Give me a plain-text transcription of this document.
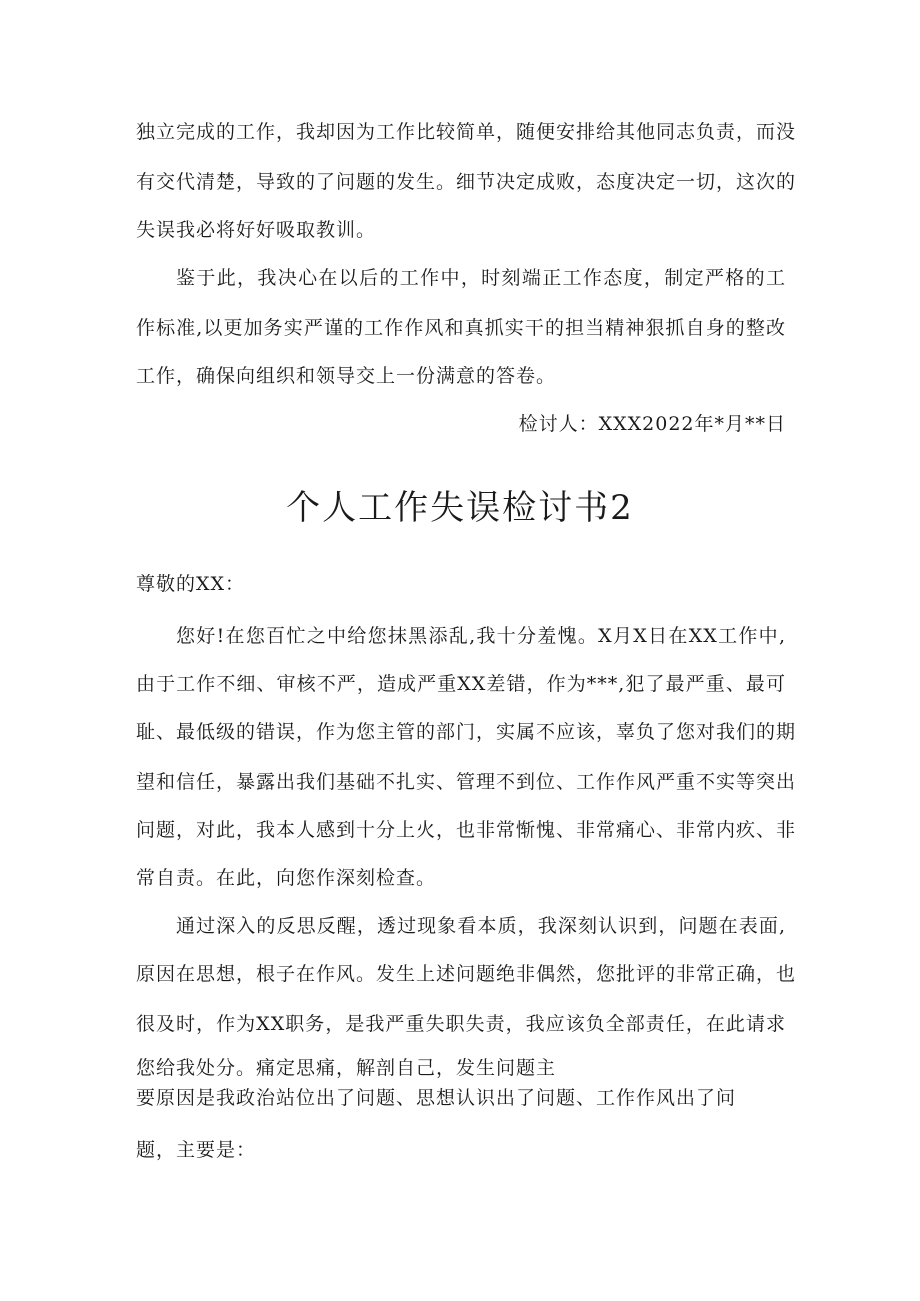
独立完成的工作，我却因为工作比较简单，随便安排给其他同志负责，而没
有交代清楚，导致的了问题的发生。细节决定成败，态度决定一切，这次的
失误我必将好好吸取教训。
鉴于此，我决心在以后的工作中，时刻端正工作态度，制定严格的工
作标准,以更加务实严谨的工作作风和真抓实干的担当精神狠抓自身的整改
工作，确保向组织和领导交上一份满意的答卷。
检讨人：XXX2022年*月**日
个人工作失误检讨书2
尊敬的XX：
您好!在您百忙之中给您抹黑添乱,我十分羞愧。X月X日在XX工作中,
由于工作不细、审核不严，造成严重XX差错，作为***,犯了最严重、最可
耻、最低级的错误，作为您主管的部门，实属不应该，辜负了您对我们的期
望和信任，暴露出我们基础不扎实、管理不到位、工作作风严重不实等突出
问题，对此，我本人感到十分上火，也非常惭愧、非常痛心、非常内疚、非
常自责。在此，向您作深刻检查。
通过深入的反思反醒，透过现象看本质，我深刻认识到，问题在表面,
原因在思想，根子在作风。发生上述问题绝非偶然，您批评的非常正确，也
很及时，作为XX职务，是我严重失职失责，我应该负全部责任，在此请求
您给我处分。痛定思痛，解剖自己，发生问题主
要原因是我政治站位出了问题、思想认识出了问题、工作作风出了问
题，主要是：
